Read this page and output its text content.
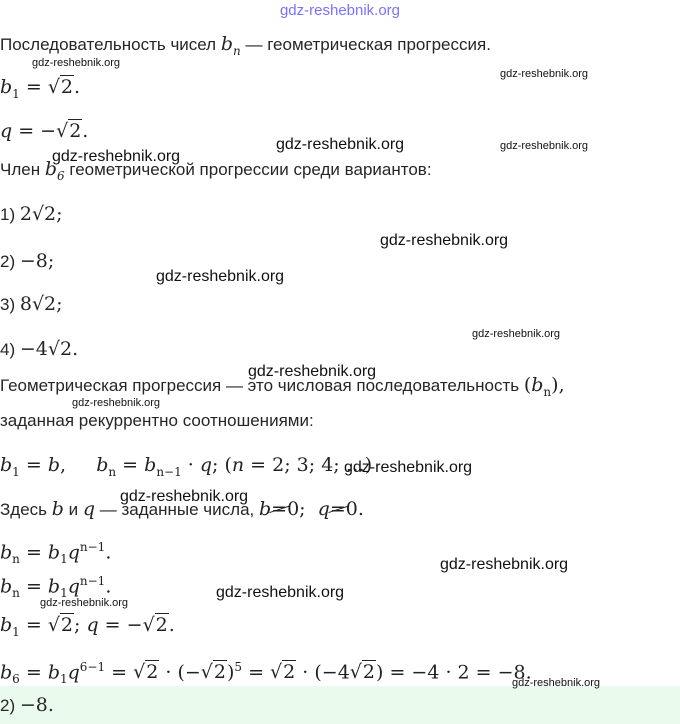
gdz-reshebnik.org
Последовательность чисел $b_n$ — геометрическая прогрессия.
$b_1 = √2$.
q = −√2.
Член $b_6$ геометрической прогрессии среди вариантов:
1) 2√2;
2) −8;
3) 8√2;
4) −4√2.
Геометрическая прогрессия — это числовая последовательность $(b_n)$,
заданная рекуррентно соотношениями:
$b_1 = b$,     $b_n = b_{n-1} \cdot q$; (n = 2; 3; 4; …)
Здесь b и q — заданные числа, b=0;  q=0.
$b_n = b_1q^{n-1}$.
$b_n = b_1q^{n-1}$.
$b_1 = √2$; q = −√2.
$b_6 = b_1q^{6-1} = √2 \cdot (-√2)^5 = √2 \cdot (-4√2) = -4 \cdot 2 = -8$.
2) −8.
gdz-reshebnik.org
gdz-reshebnik.org
gdz-reshebnik.org	gdz-reshebnik.org
gdz-reshebnik.org
gdz-reshebnik.org
gdz-reshebnik.org
gdz-reshebnik.org
gdz-reshebnik.org
gdz-reshebnik.org
gdz-reshebnik.org
gdz-reshebnik.org
gdz-reshebnik.org
gdz-reshebnik.org
gdz-reshebnik.org
gdz-reshebnik.org
